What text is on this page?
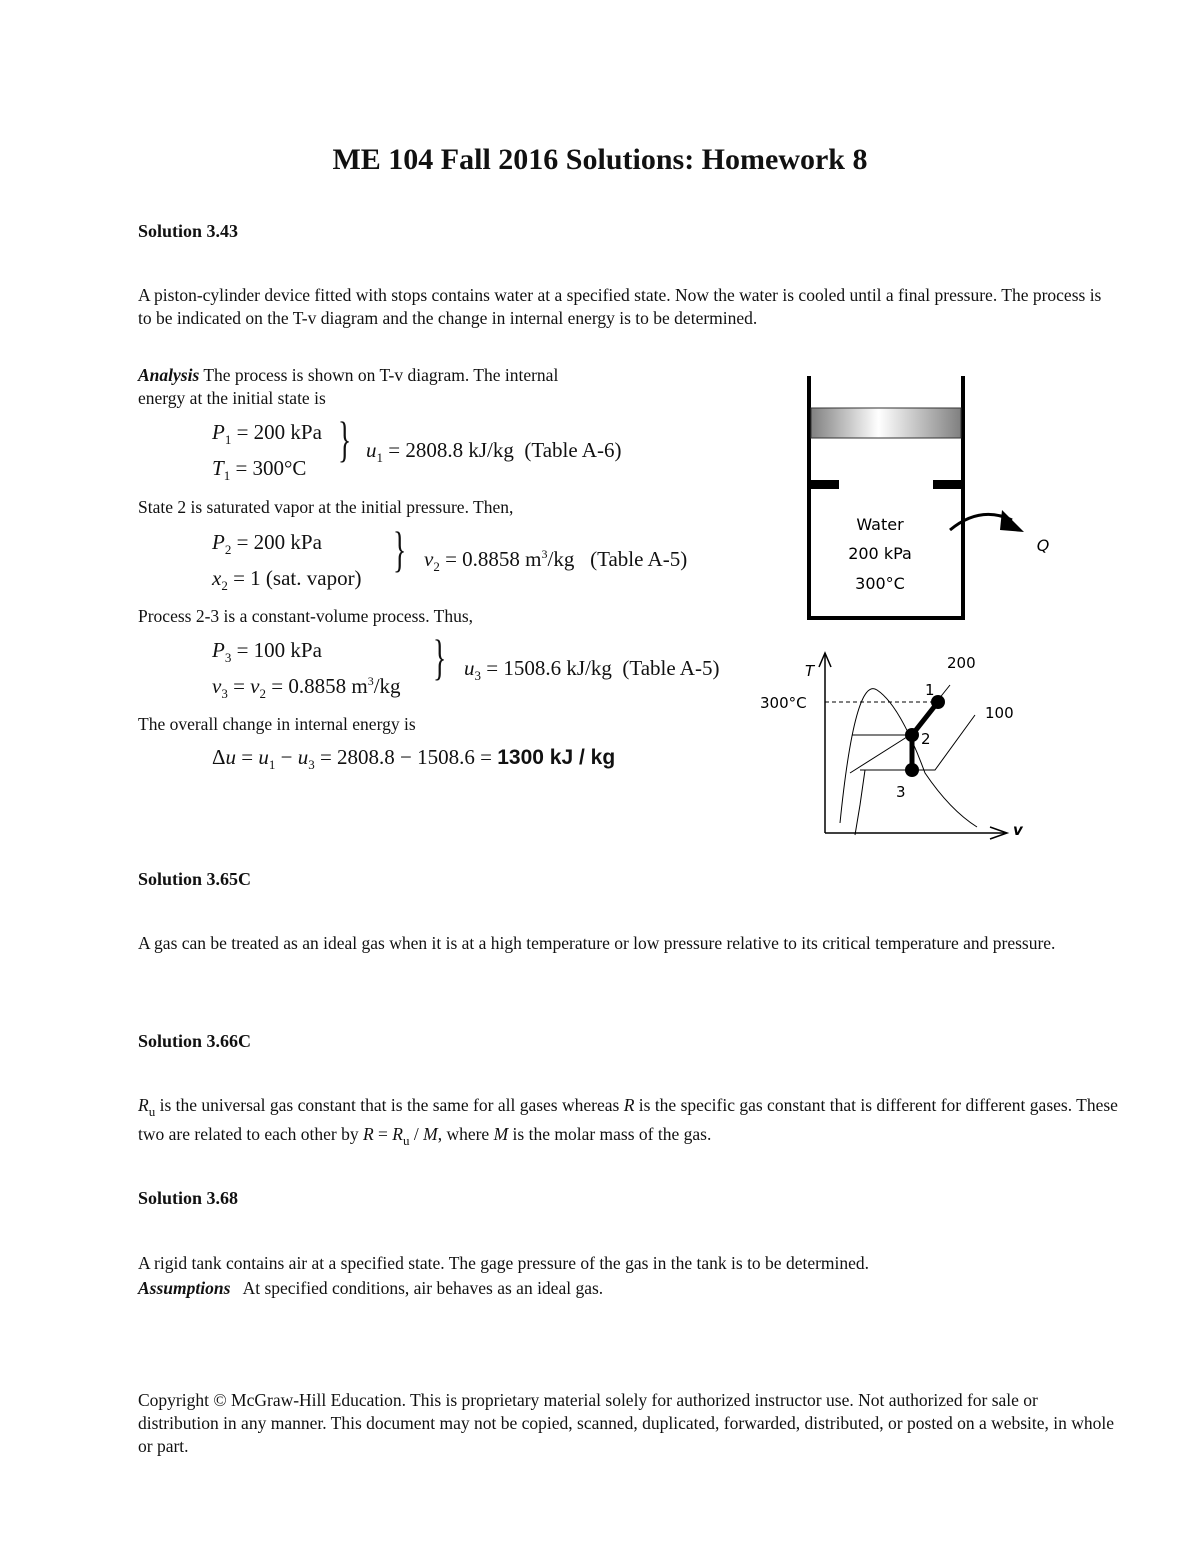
ME 104 Fall 2016 Solutions: Homework 8
Solution 3.43
A piston-cylinder device fitted with stops contains water at a specified state. Now the water is cooled until a final pressure. The process is to be indicated on the T-v diagram and the change in internal energy is to be determined.
Analysis The process is shown on T-v diagram. The internal
energy at the initial state is
$P_1 = 200$ kPa
$T_1 = 300^\circ C$
} $u_1 = 2808.8$ kJ/kg (Table A-6)
State 2 is saturated vapor at the initial pressure. Then,
$P_2 = 200$ kPa
$x_2 = 1$ (sat. vapor)
} $v_2 = 0.8858$ $m^3/kg$ (Table A-5)
Process 2-3 is a constant-volume process. Thus,
$P_3 = 100$ kPa
$v_3 = v_2 = 0.8858$ $m^3/kg$
} $u_3 = 1508.6$ kJ/kg (Table A-5)
The overall change in internal energy is
$\Delta u = u_1 - u_3 = 2808.8 - 1508.6 = 1300$ kJ / kg
Water
200 kPa
300°C
Q
T
v
300°C
200
100
1
2
3
Solution 3.65C
A gas can be treated as an ideal gas when it is at a high temperature or low pressure relative to its critical temperature and pressure.
Solution 3.66C
$R_u$ is the universal gas constant that is the same for all gases whereas R is the specific gas constant that is different for different gases. These two are related to each other by $R = R_u / M$, where M is the molar mass of the gas.
Solution 3.68
A rigid tank contains air at a specified state. The gage pressure of the gas in the tank is to be determined.
Assumptions At specified conditions, air behaves as an ideal gas.
Copyright © McGraw-Hill Education. This is proprietary material solely for authorized instructor use. Not authorized for sale or distribution in any manner. This document may not be copied, scanned, duplicated, forwarded, distributed, or posted on a website, in whole or part.
